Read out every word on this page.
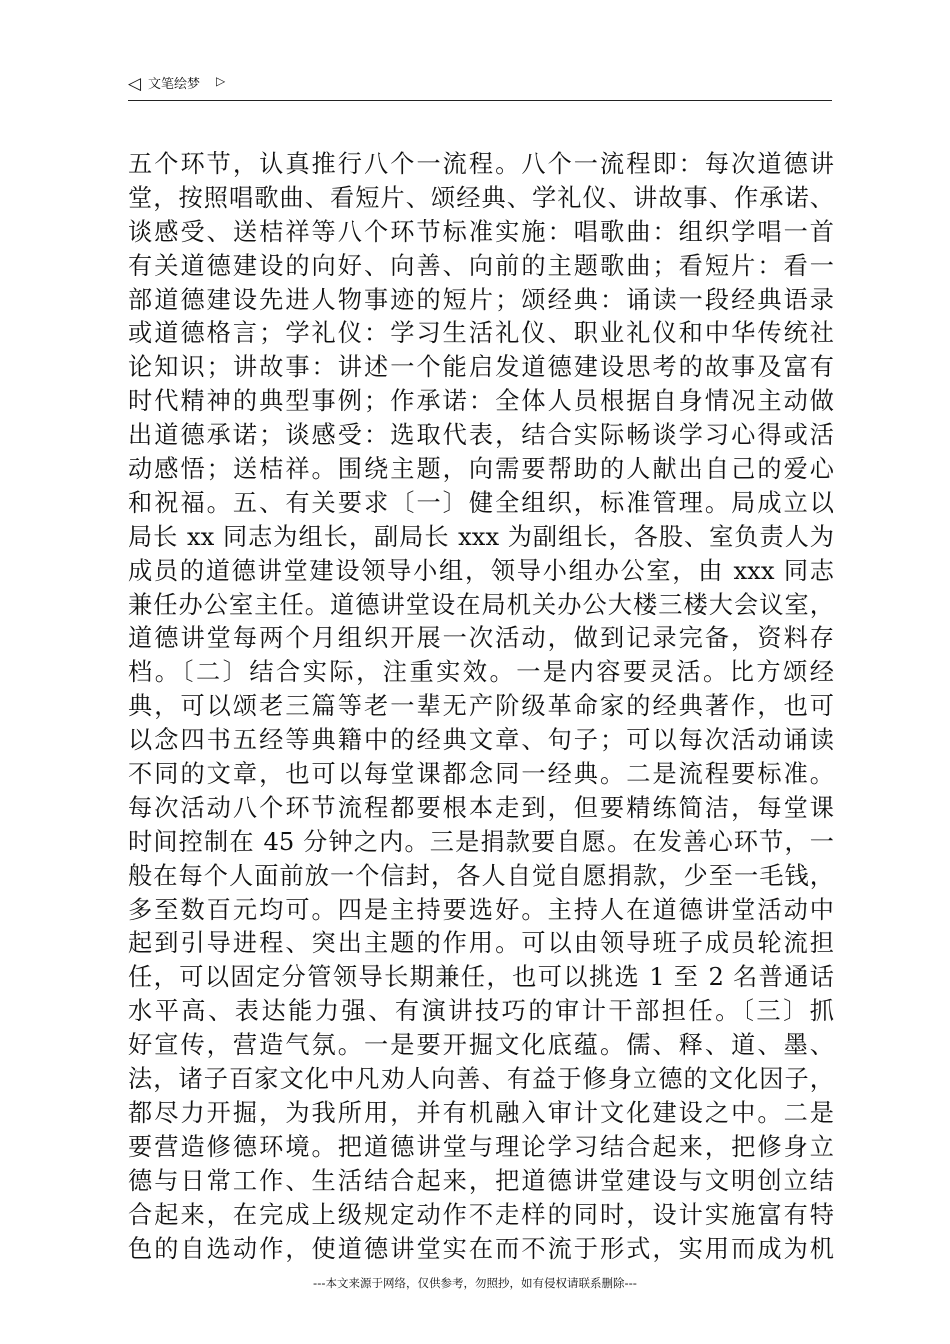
◁ 文笔绘梦 ▷
五个环节，认真推行八个一流程。八个一流程即：每次道德讲
堂，按照唱歌曲、看短片、颂经典、学礼仪、讲故事、作承诺、
谈感受、送桔祥等八个环节标准实施：唱歌曲：组织学唱一首
有关道德建设的向好、向善、向前的主题歌曲；看短片：看一
部道德建设先进人物事迹的短片；颂经典：诵读一段经典语录
或道德格言；学礼仪：学习生活礼仪、职业礼仪和中华传统社
论知识；讲故事：讲述一个能启发道德建设思考的故事及富有
时代精神的典型事例；作承诺：全体人员根据自身情况主动做
出道德承诺；谈感受：选取代表，结合实际畅谈学习心得或活
动感悟；送桔祥。围绕主题，向需要帮助的人献出自己的爱心
和祝福。五、有关要求〔一〕健全组织，标准管理。局成立以
局长 xx 同志为组长，副局长 xxx 为副组长，各股、室负责人为
成员的道德讲堂建设领导小组，领导小组办公室，由 xxx 同志
兼任办公室主任。道德讲堂设在局机关办公大楼三楼大会议室，
道德讲堂每两个月组织开展一次活动，做到记录完备，资料存
档。〔二〕结合实际，注重实效。一是内容要灵活。比方颂经
典，可以颂老三篇等老一辈无产阶级革命家的经典著作，也可
以念四书五经等典籍中的经典文章、句子；可以每次活动诵读
不同的文章，也可以每堂课都念同一经典。二是流程要标准。
每次活动八个环节流程都要根本走到，但要精练简洁，每堂课
时间控制在 45 分钟之内。三是捐款要自愿。在发善心环节，一
般在每个人面前放一个信封，各人自觉自愿捐款，少至一毛钱，
多至数百元均可。四是主持要选好。主持人在道德讲堂活动中
起到引导进程、突出主题的作用。可以由领导班子成员轮流担
任，可以固定分管领导长期兼任，也可以挑选 1 至 2 名普通话
水平高、表达能力强、有演讲技巧的审计干部担任。〔三〕抓
好宣传，营造气氛。一是要开掘文化底蕴。儒、释、道、墨、
法，诸子百家文化中凡劝人向善、有益于修身立德的文化因子，
都尽力开掘，为我所用，并有机融入审计文化建设之中。二是
要营造修德环境。把道德讲堂与理论学习结合起来，把修身立
德与日常工作、生活结合起来，把道德讲堂建设与文明创立结
合起来，在完成上级规定动作不走样的同时，设计实施富有特
色的自选动作，使道德讲堂实在而不流于形式，实用而成为机
---本文来源于网络，仅供参考，勿照抄，如有侵权请联系删除---
